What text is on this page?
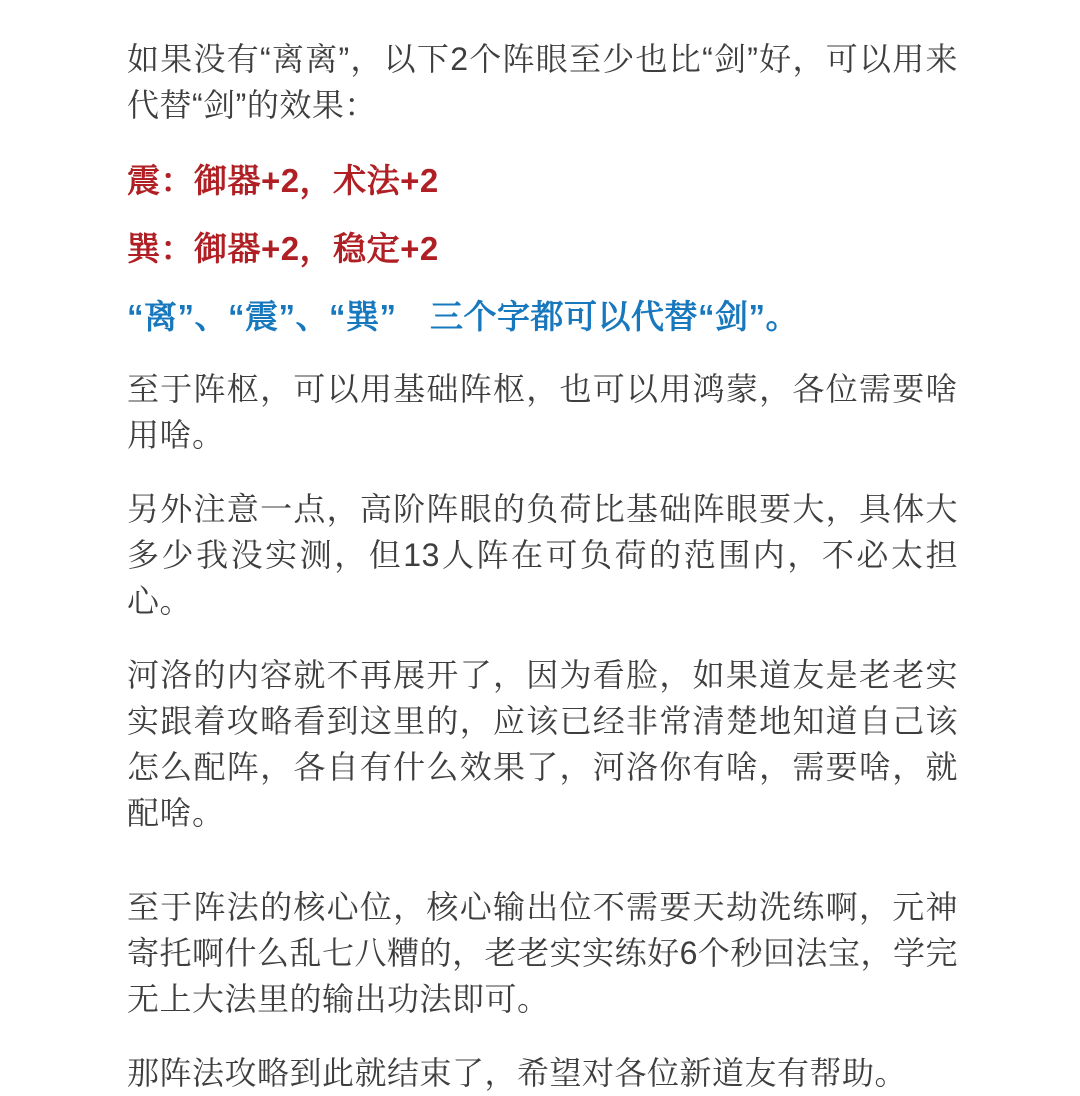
如果没有“离离”，以下2个阵眼至少也比“剑”好，可以用来代替“剑”的效果：

震：御器+2，术法+2

巽：御器+2，稳定+2

“离”、“震”、“巽”　三个字都可以代替“剑”。

至于阵枢，可以用基础阵枢，也可以用鸿蒙，各位需要啥用啥。

另外注意一点，高阶阵眼的负荷比基础阵眼要大，具体大多少我没实测，但13人阵在可负荷的范围内，不必太担心。

河洛的内容就不再展开了，因为看脸，如果道友是老老实实跟着攻略看到这里的，应该已经非常清楚地知道自己该怎么配阵，各自有什么效果了，河洛你有啥，需要啥，就配啥。

至于阵法的核心位，核心输出位不需要天劫洗练啊，元神寄托啊什么乱七八糟的，老老实实练好6个秒回法宝，学完无上大法里的输出功法即可。

那阵法攻略到此就结束了，希望对各位新道友有帮助。
